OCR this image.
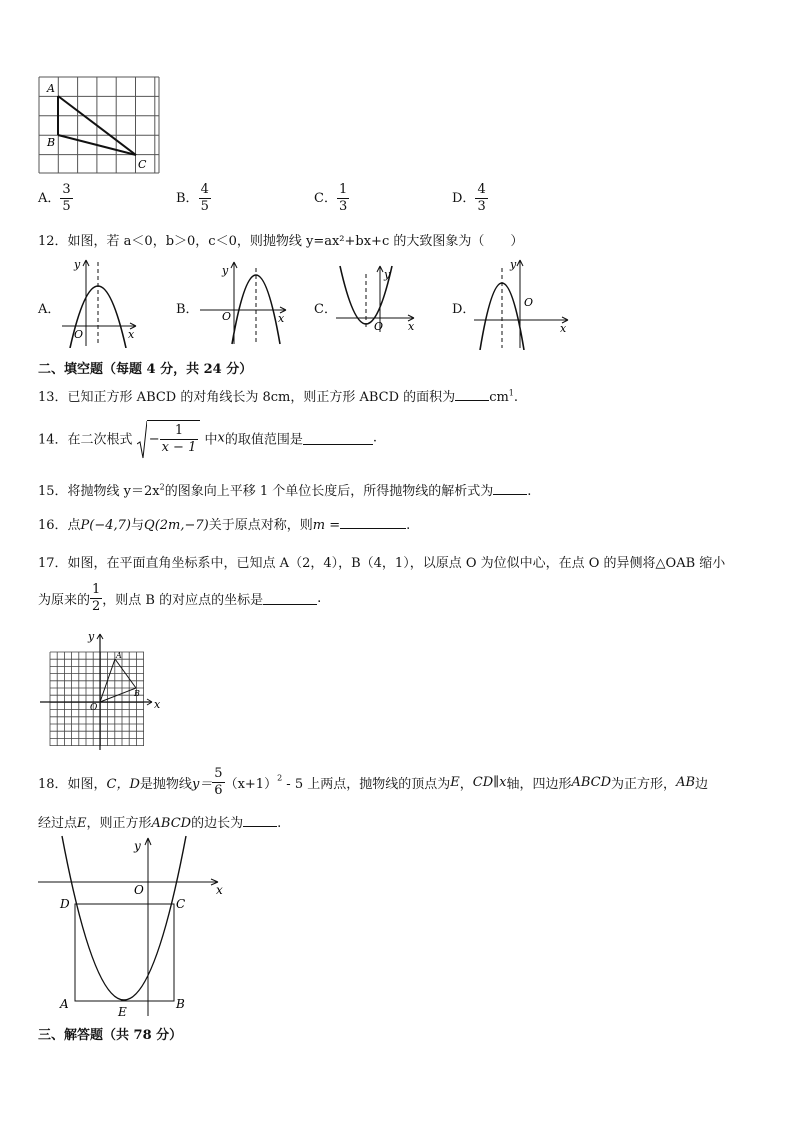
A
B
C
A． $\frac{3}{5}$	B． $\frac{4}{5}$	C． $\frac{1}{3}$	D． $\frac{4}{3}$
12．如图，若 a＜0，b＞0，c＜0，则抛物线 y=ax²+bx+c 的大致图象为（　　）
A．
x
y
O
B．
x
y
O	C．
x
y
O
D．
x
y
O
二、填空题（每题 4 分，共 24 分）
13．已知正方形 ABCD 的对角线长为 8cm，则正方形 ABCD 的面积为	$cm^1$.
14．在二次根式 − $\frac{1}{x - 1}$ 中x的取值范围是	.
15．将抛物线 $y=2x^2$的图象向上平移 1 个单位长度后，所得抛物线的解析式为	.
16．点P(−4,7)与Q(2m,−7)关于原点对称，则m =	.
17．如图，在平面直角坐标系中，已知点 A（2，4），B（4，1），以原点 O 为位似中心，在点 O 的异侧将△OAB 缩小
为原来的 $\frac{1}{2}$ ，则点 B 的对应点的坐标是	.
x
y
O
A
B
18．如图，C，D是抛物线$y= \frac{5}{6} (x+1)^2 - 5$ 上两点，抛物线的顶点为E，CD∥x轴，四边形ABCD为正方形，AB边
经过点E，则正方形ABCD的边长为	.
x
y
O
D	C
A	B
E
三、解答题（共 78 分）
